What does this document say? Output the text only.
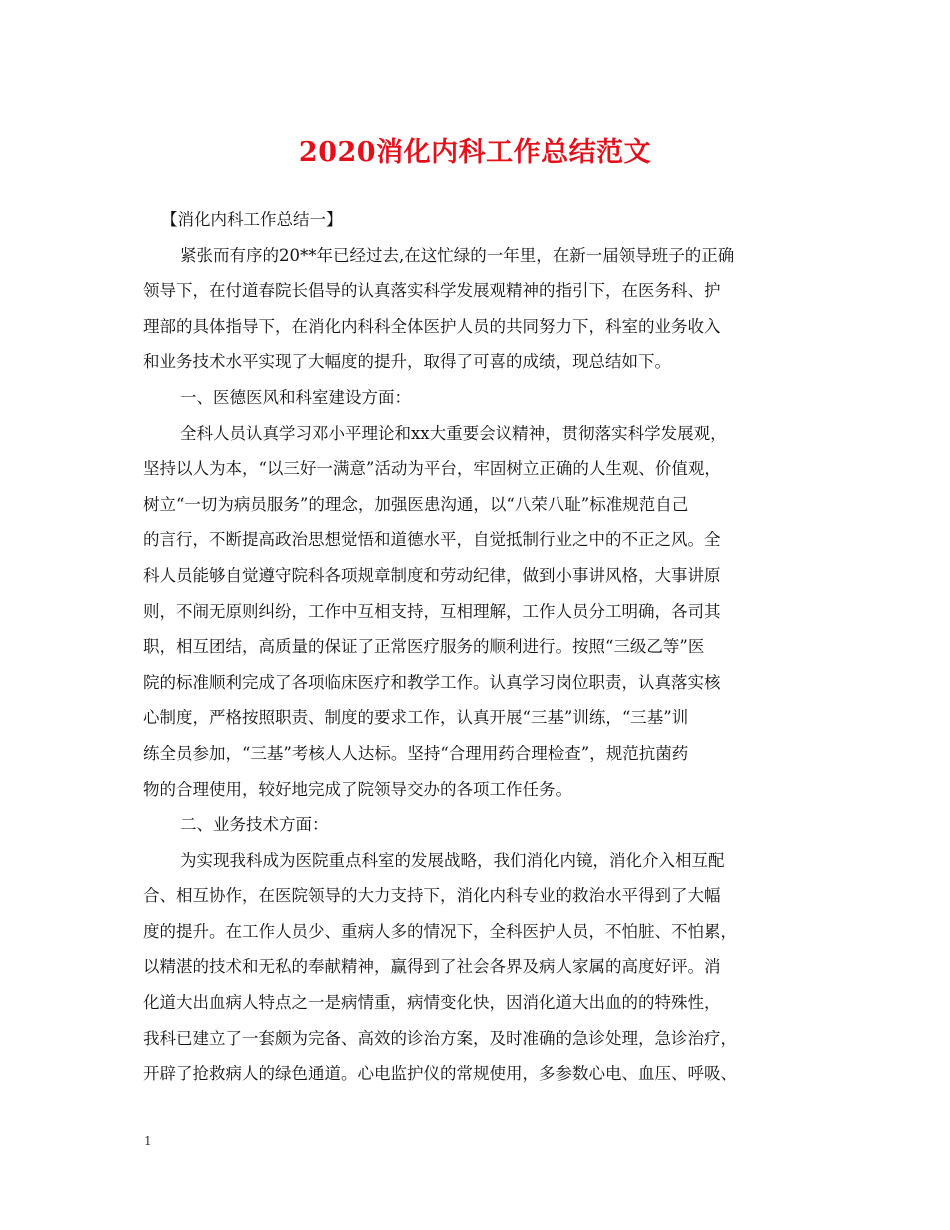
2020消化内科工作总结范文
【消化内科工作总结一】
紧张而有序的20**年已经过去,在这忙绿的一年里，在新一届领导班子的正确
领导下，在付道春院长倡导的认真落实科学发展观精神的指引下，在医务科、护
理部的具体指导下，在消化内科科全体医护人员的共同努力下，科室的业务收入
和业务技术水平实现了大幅度的提升，取得了可喜的成绩，现总结如下。
一、医德医风和科室建设方面：
全科人员认真学习邓小平理论和xx大重要会议精神，贯彻落实科学发展观，
坚持以人为本，“以三好一满意”活动为平台，牢固树立正确的人生观、价值观，
树立“一切为病员服务”的理念，加强医患沟通，以“八荣八耻”标准规范自己
的言行，不断提高政治思想觉悟和道德水平，自觉抵制行业之中的不正之风。全
科人员能够自觉遵守院科各项规章制度和劳动纪律，做到小事讲风格，大事讲原
则，不闹无原则纠纷，工作中互相支持，互相理解，工作人员分工明确，各司其
职，相互团结，高质量的保证了正常医疗服务的顺利进行。按照“三级乙等”医
院的标准顺利完成了各项临床医疗和教学工作。认真学习岗位职责，认真落实核
心制度，严格按照职责、制度的要求工作，认真开展“三基”训练，“三基”训
练全员参加，“三基”考核人人达标。坚持“合理用药合理检查”，规范抗菌药
物的合理使用，较好地完成了院领导交办的各项工作任务。
二、业务技术方面：
为实现我科成为医院重点科室的发展战略，我们消化内镜，消化介入相互配
合、相互协作，在医院领导的大力支持下，消化内科专业的救治水平得到了大幅
度的提升。在工作人员少、重病人多的情况下，全科医护人员，不怕脏、不怕累，
以精湛的技术和无私的奉献精神，赢得到了社会各界及病人家属的高度好评。消
化道大出血病人特点之一是病情重，病情变化快，因消化道大出血的的特殊性，
我科已建立了一套颇为完备、高效的诊治方案，及时准确的急诊处理，急诊治疗，
开辟了抢救病人的绿色通道。心电监护仪的常规使用，多参数心电、血压、呼吸、
1
